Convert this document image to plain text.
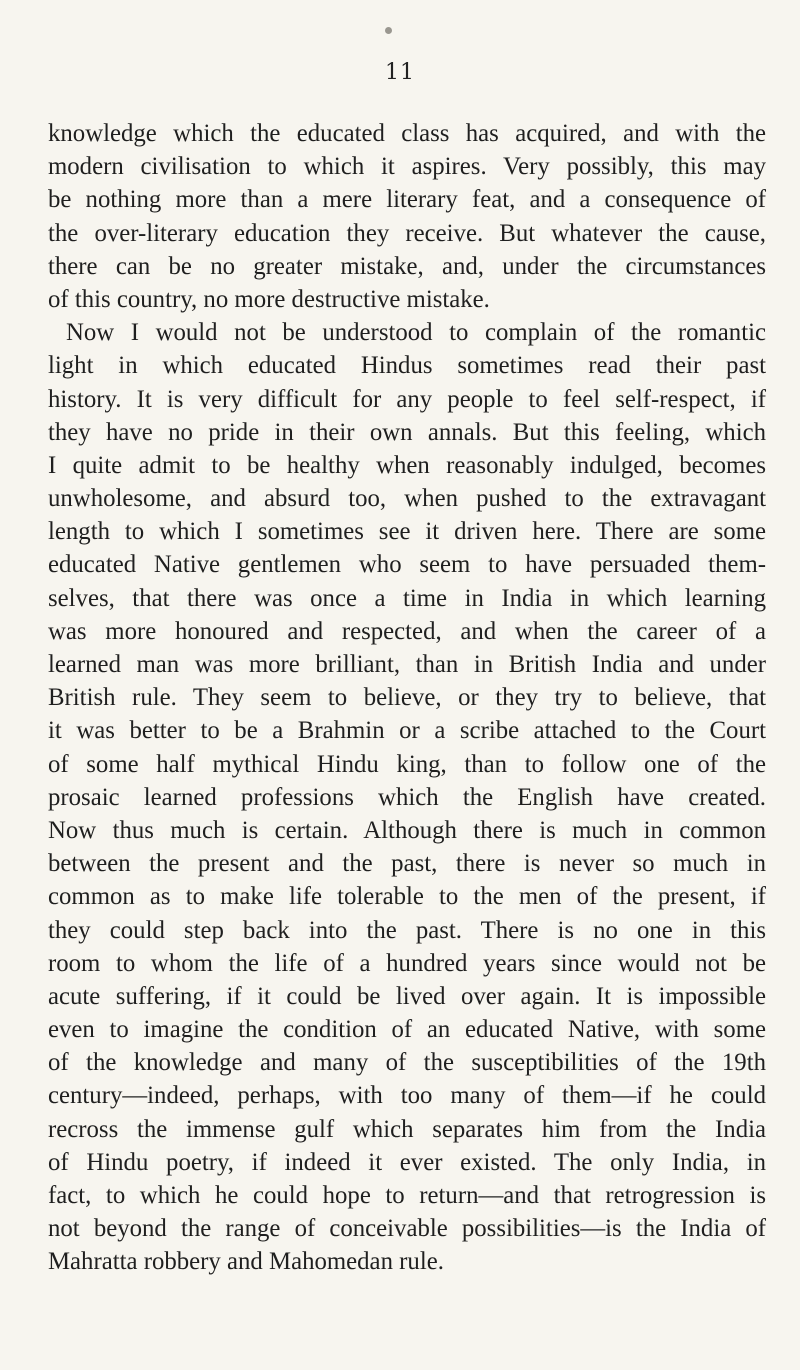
11
knowledge which the educated class has acquired, and with the
modern civilisation to which it aspires. Very possibly, this may
be nothing more than a mere literary feat, and a consequence of
the over-literary education they receive. But whatever the cause,
there can be no greater mistake, and, under the circumstances
of this country, no more destructive mistake.
Now I would not be understood to complain of the romantic
light in which educated Hindus sometimes read their past
history. It is very difficult for any people to feel self-respect, if
they have no pride in their own annals. But this feeling, which
I quite admit to be healthy when reasonably indulged, becomes
unwholesome, and absurd too, when pushed to the extravagant
length to which I sometimes see it driven here. There are some
educated Native gentlemen who seem to have persuaded them-
selves, that there was once a time in India in which learning
was more honoured and respected, and when the career of a
learned man was more brilliant, than in British India and under
British rule. They seem to believe, or they try to believe, that
it was better to be a Brahmin or a scribe attached to the Court
of some half mythical Hindu king, than to follow one of the
prosaic learned professions which the English have created.
Now thus much is certain. Although there is much in common
between the present and the past, there is never so much in
common as to make life tolerable to the men of the present, if
they could step back into the past. There is no one in this
room to whom the life of a hundred years since would not be
acute suffering, if it could be lived over again. It is impossible
even to imagine the condition of an educated Native, with some
of the knowledge and many of the susceptibilities of the 19th
century—indeed, perhaps, with too many of them—if he could
recross the immense gulf which separates him from the India
of Hindu poetry, if indeed it ever existed. The only India, in
fact, to which he could hope to return—and that retrogression is
not beyond the range of conceivable possibilities—is the India of
Mahratta robbery and Mahomedan rule.
